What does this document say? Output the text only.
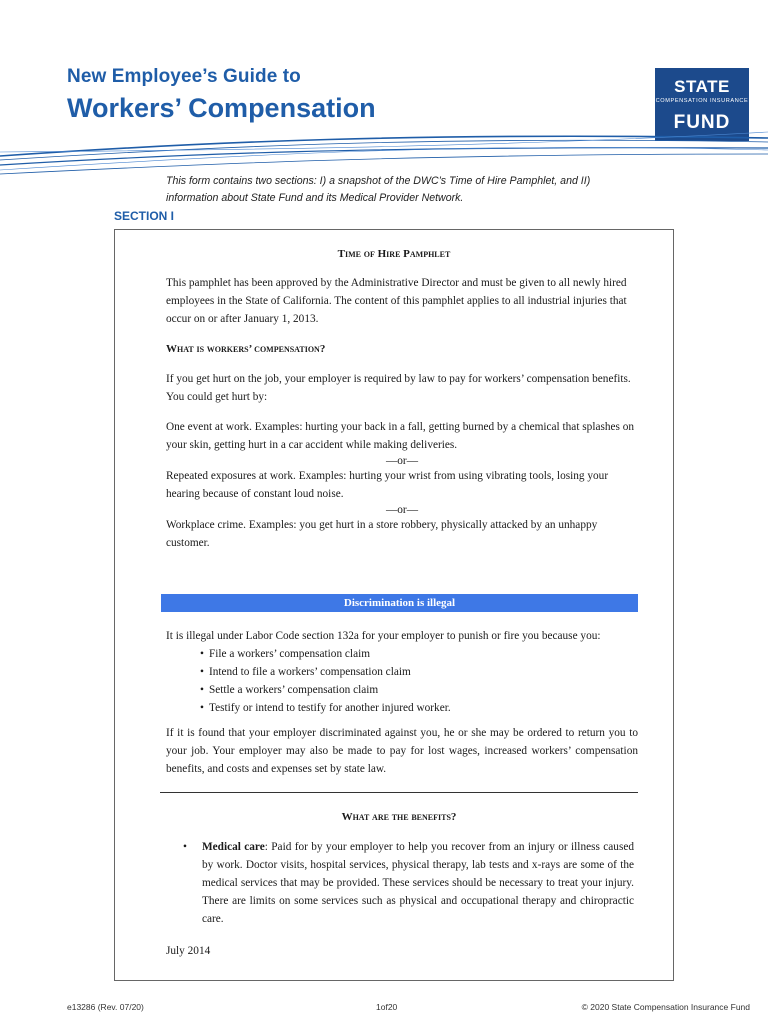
New Employee’s Guide to
Workers’ Compensation
STATE
COMPENSATION INSURANCE
FUND
This form contains two sections: I) a snapshot of the DWC’s Time of Hire Pamphlet, and II) information about State Fund and its Medical Provider Network.
SECTION I
Time of Hire Pamphlet
This pamphlet has been approved by the Administrative Director and must be given to all newly hired employees in the State of California. The content of this pamphlet applies to all industrial injuries that occur on or after January 1, 2013.
What is workers’ compensation?
If you get hurt on the job, your employer is required by law to pay for workers’ compensation benefits. You could get hurt by:
One event at work. Examples: hurting your back in a fall, getting burned by a chemical that splashes on your skin, getting hurt in a car accident while making deliveries.
—or—
Repeated exposures at work. Examples: hurting your wrist from using vibrating tools, losing your hearing because of constant loud noise.
—or—
Workplace crime. Examples: you get hurt in a store robbery, physically attacked by an unhappy customer.
Discrimination is illegal
It is illegal under Labor Code section 132a for your employer to punish or fire you because you:
• File a workers’ compensation claim
• Intend to file a workers’ compensation claim
• Settle a workers’ compensation claim
• Testify or intend to testify for another injured worker.
If it is found that your employer discriminated against you, he or she may be ordered to return you to your job. Your employer may also be made to pay for lost wages, increased workers’ compensation benefits, and costs and expenses set by state law.
What are the benefits?
•	Medical care: Paid for by your employer to help you recover from an injury or illness caused by work. Doctor visits, hospital services, physical therapy, lab tests and x-rays are some of the medical services that may be provided. These services should be necessary to treat your injury. There are limits on some services such as physical and occupational therapy and chiropractic care.
July 2014
e13286 (Rev. 07/20)	1of20	© 2020 State Compensation Insurance Fund
